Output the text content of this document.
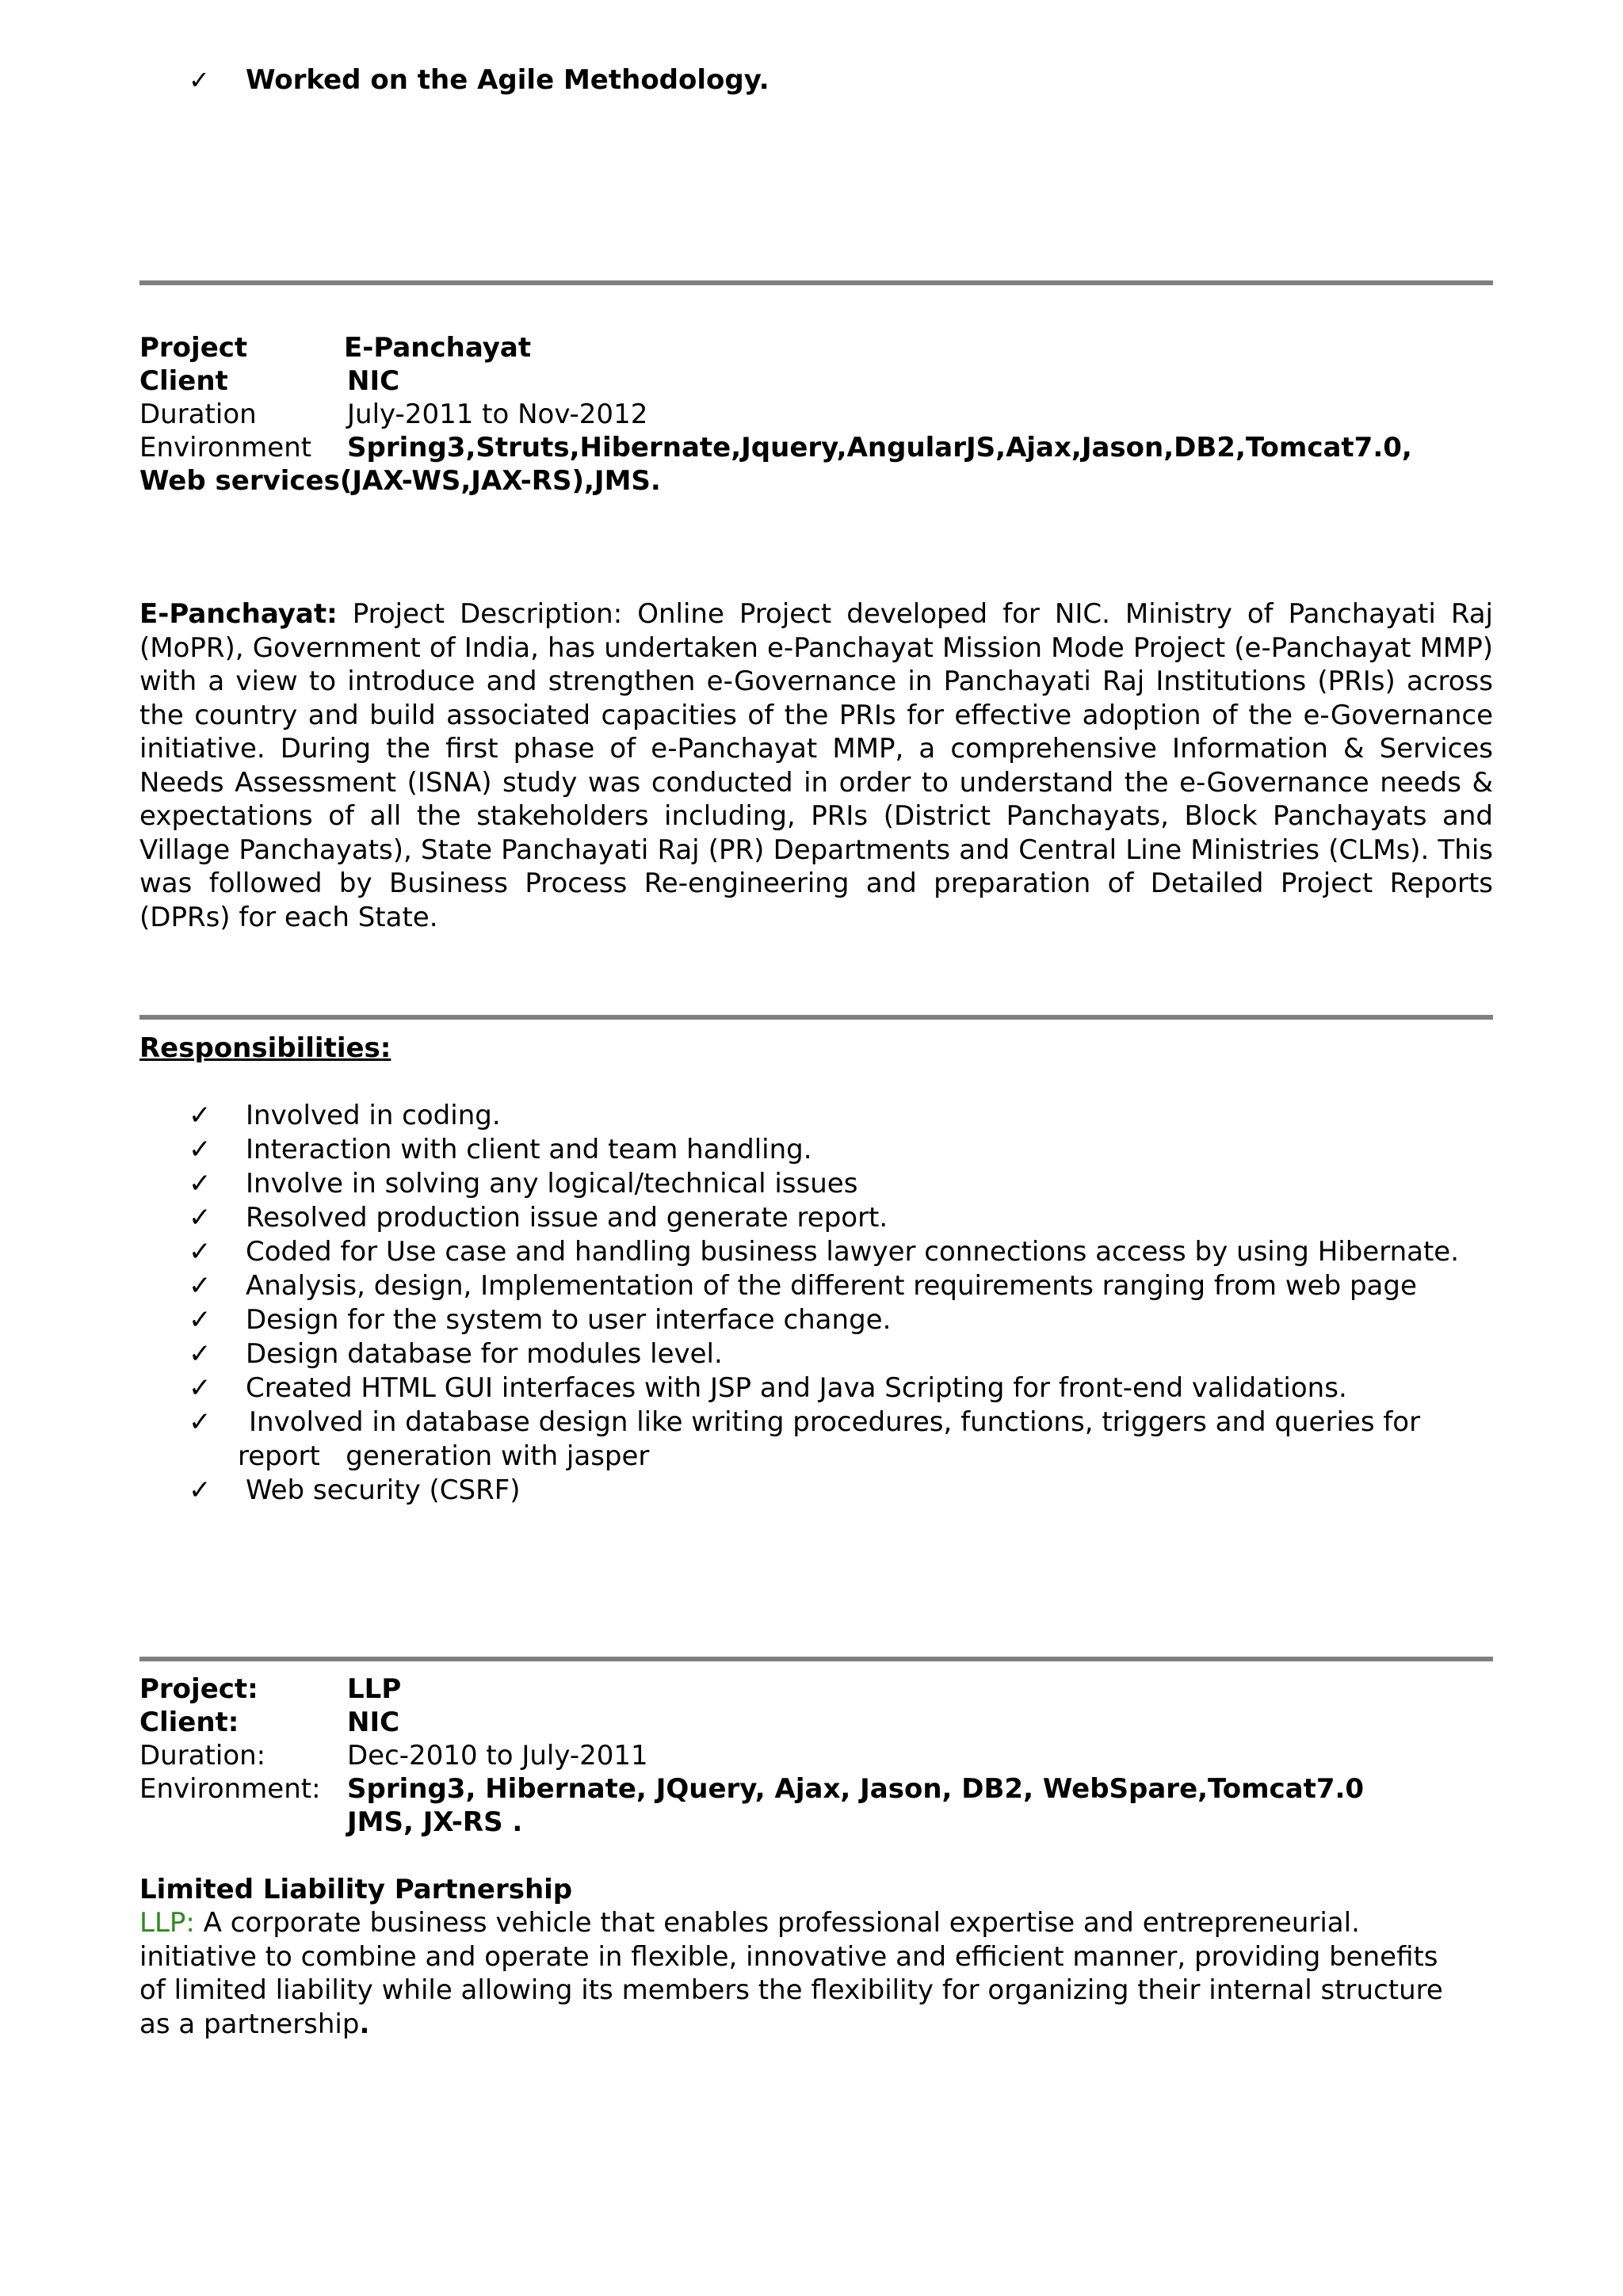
✓	Worked on the Agile Methodology.
Project	E-Panchayat
Client	NIC
Duration	July-2011 to Nov-2012
Environment Spring3,Struts,Hibernate,Jquery,AngularJS,Ajax,Jason,DB2,Tomcat7.0,
Web services(JAX-WS,JAX-RS),JMS.
E-Panchayat: Project Description: Online Project developed for NIC. Ministry of Panchayati Raj (MoPR), Government of India, has undertaken e-Panchayat Mission Mode Project (e-Panchayat MMP) with a view to introduce and strengthen e-Governance in Panchayati Raj Institutions (PRIs) across the country and build associated capacities of the PRIs for effective adoption of the e-Governance initiative. During the first phase of e-Panchayat MMP, a comprehensive Information & Services Needs Assessment (ISNA) study was conducted in order to understand the e-Governance needs & expectations of all the stakeholders including, PRIs (District Panchayats, Block Panchayats and Village Panchayats), State Panchayati Raj (PR) Departments and Central Line Ministries (CLMs). This was followed by Business Process Re-engineering and preparation of Detailed Project Reports (DPRs) for each State.
Responsibilities:
✓ Involved in coding.
✓ Interaction with client and team handling.
✓ Involve in solving any logical/technical issues
✓ Resolved production issue and generate report.
✓ Coded for Use case and handling business lawyer connections access by using Hibernate.
✓ Analysis, design, Implementation of the different requirements ranging from web page
✓ Design for the system to user interface change.
✓ Design database for modules level.
✓ Created HTML GUI interfaces with JSP and Java Scripting for front-end validations.
✓ Involved in database design like writing procedures, functions, triggers and queries for
report   generation with jasper
✓ Web security (CSRF)
Project:	LLP
Client:	NIC
Duration:	Dec-2010 to July-2011
Environment: Spring3, Hibernate, JQuery, Ajax, Jason, DB2, WebSpare,Tomcat7.0
JMS, JX-RS .
Limited Liability Partnership
LLP: A corporate business vehicle that enables professional expertise and entrepreneurial.
initiative to combine and operate in flexible, innovative and efficient manner, providing benefits
of limited liability while allowing its members the flexibility for organizing their internal structure
as a partnership.
